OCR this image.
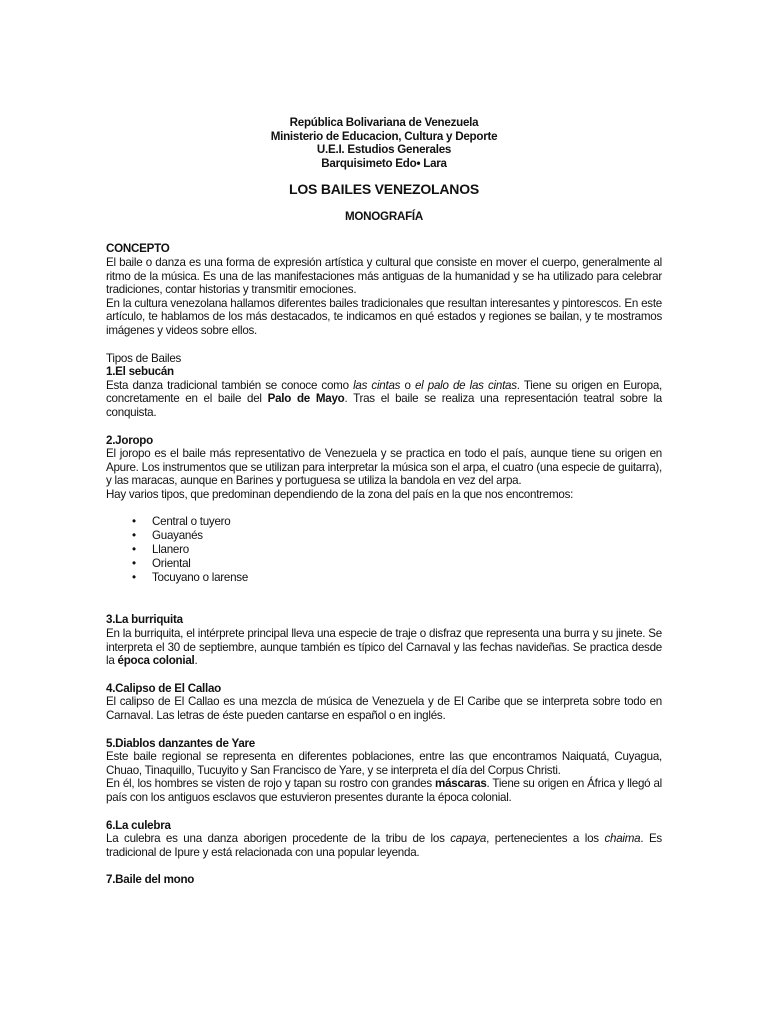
República Bolivariana de Venezuela
Ministerio de Educacion, Cultura y Deporte
U.E.I. Estudios Generales
Barquisimeto Edo• Lara
LOS BAILES VENEZOLANOS
MONOGRAFÍA
CONCEPTO

El baile o danza es una forma de expresión artística y cultural que consiste en mover el cuerpo, generalmente al ritmo de la música. Es una de las manifestaciones más antiguas de la humanidad y se ha utilizado para celebrar tradiciones, contar historias y transmitir emociones.

En la cultura venezolana hallamos diferentes bailes tradicionales que resultan interesantes y pintorescos. En este artículo, te hablamos de los más destacados, te indicamos en qué estados y regiones se bailan, y te mostramos imágenes y videos sobre ellos.

Tipos de Bailes
1.El sebucán

Esta danza tradicional también se conoce como las cintas o el palo de las cintas. Tiene su origen en Europa, concretamente en el baile del Palo de Mayo. Tras el baile se realiza una representación teatral sobre la conquista.

2.Joropo

El joropo es el baile más representativo de Venezuela y se practica en todo el país, aunque tiene su origen en Apure. Los instrumentos que se utilizan para interpretar la música son el arpa, el cuatro (una especie de guitarra), y las maracas, aunque en Barines y portuguesa se utiliza la bandola en vez del arpa.

Hay varios tipos, que predominan dependiendo de la zona del país en la que nos encontremos:

• Central o tuyero
• Guayanés
• Llanero
• Oriental
• Tocuyano o larense
3.La burriquita

En la burriquita, el intérprete principal lleva una especie de traje o disfraz que representa una burra y su jinete. Se interpreta el 30 de septiembre, aunque también es típico del Carnaval y las fechas navideñas. Se practica desde la época colonial.

4.Calipso de El Callao

El calipso de El Callao es una mezcla de música de Venezuela y de El Caribe que se interpreta sobre todo en Carnaval. Las letras de éste pueden cantarse en español o en inglés.

5.Diablos danzantes de Yare

Este baile regional se representa en diferentes poblaciones, entre las que encontramos Naiquatá, Cuyagua, Chuao, Tinaquillo, Tucuyito y San Francisco de Yare, y se interpreta el día del Corpus Christi.

En él, los hombres se visten de rojo y tapan su rostro con grandes máscaras. Tiene su origen en África y llegó al país con los antiguos esclavos que estuvieron presentes durante la época colonial.

6.La culebra

La culebra es una danza aborigen procedente de la tribu de los capaya, pertenecientes a los chaima. Es tradicional de Ipure y está relacionada con una popular leyenda.

7.Baile del mono
